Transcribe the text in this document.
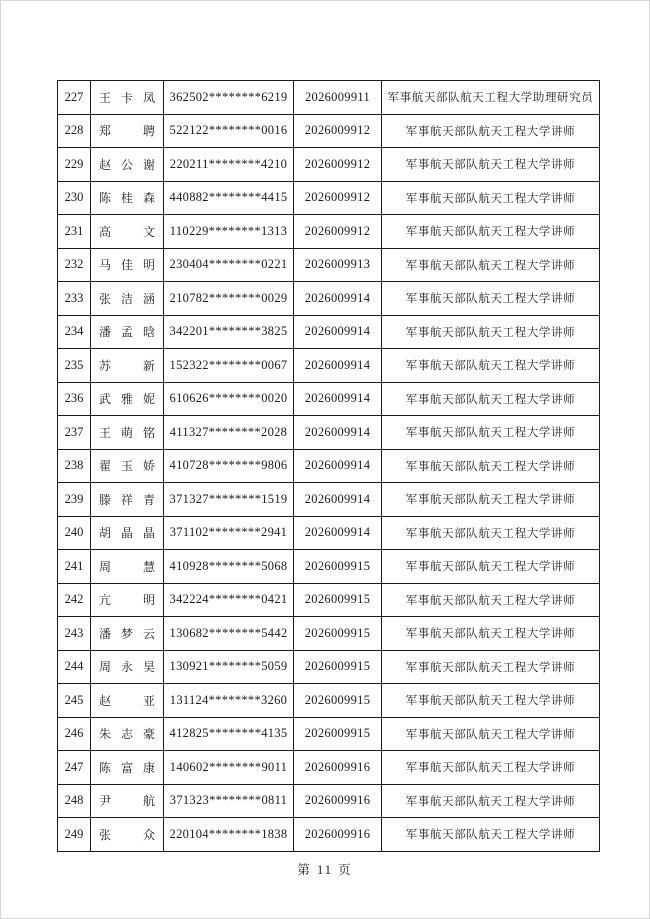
227	王卡凤	362502********6219	2026009911	军事航天部队航天工程大学助理研究员
228	郑聘	522122********0016	2026009912	军事航天部队航天工程大学讲师
229	赵公谢	220211********4210	2026009912	军事航天部队航天工程大学讲师
230	陈桂森	440882********4415	2026009912	军事航天部队航天工程大学讲师
231	高文	110229********1313	2026009912	军事航天部队航天工程大学讲师
232	马佳明	230404********0221	2026009913	军事航天部队航天工程大学讲师
233	张洁涵	210782********0029	2026009914	军事航天部队航天工程大学讲师
234	潘孟晗	342201********3825	2026009914	军事航天部队航天工程大学讲师
235	苏新	152322********0067	2026009914	军事航天部队航天工程大学讲师
236	武雅妮	610626********0020	2026009914	军事航天部队航天工程大学讲师
237	王萌铭	411327********2028	2026009914	军事航天部队航天工程大学讲师
238	翟玉娇	410728********9806	2026009914	军事航天部队航天工程大学讲师
239	滕祥青	371327********1519	2026009914	军事航天部队航天工程大学讲师
240	胡晶晶	371102********2941	2026009914	军事航天部队航天工程大学讲师
241	周慧	410928********5068	2026009915	军事航天部队航天工程大学讲师
242	亢明	342224********0421	2026009915	军事航天部队航天工程大学讲师
243	潘梦云	130682********5442	2026009915	军事航天部队航天工程大学讲师
244	周永昊	130921********5059	2026009915	军事航天部队航天工程大学讲师
245	赵亚	131124********3260	2026009915	军事航天部队航天工程大学讲师
246	朱志豪	412825********4135	2026009915	军事航天部队航天工程大学讲师
247	陈富康	140602********9011	2026009916	军事航天部队航天工程大学讲师
248	尹航	371323********0811	2026009916	军事航天部队航天工程大学讲师
249	张众	220104********1838	2026009916	军事航天部队航天工程大学讲师
第 11 页
